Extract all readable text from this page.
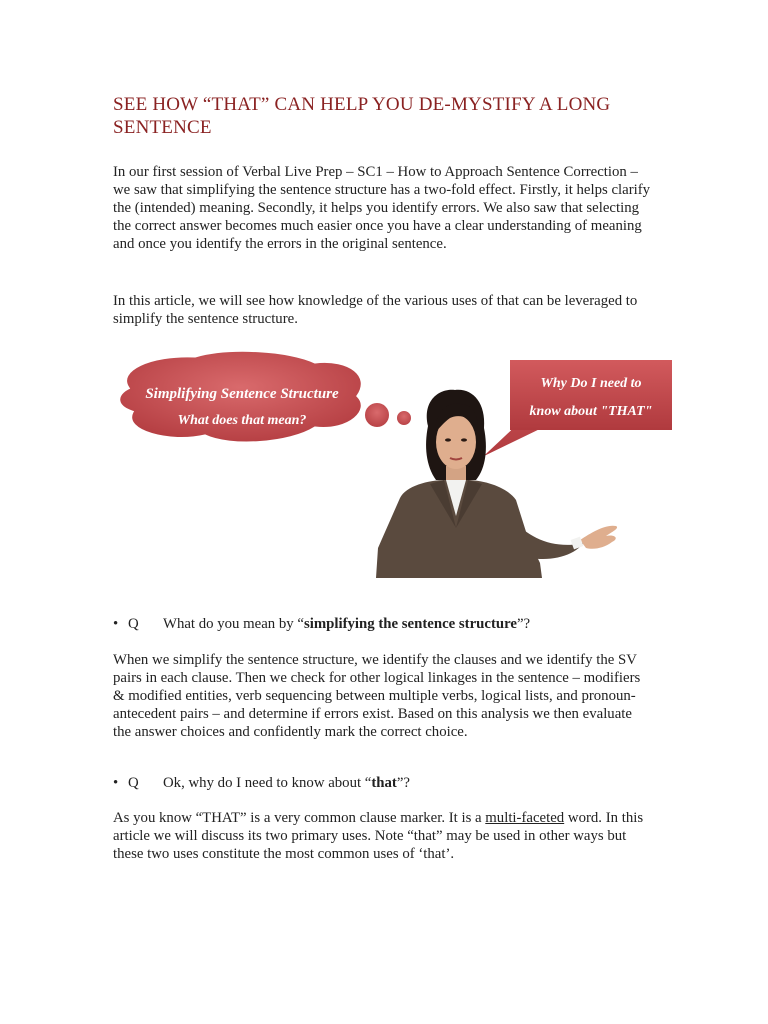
SEE HOW “THAT” CAN HELP YOU DE-MYSTIFY A LONG SENTENCE

In our first session of Verbal Live Prep – SC1 – How to Approach Sentence Correction – we saw that simplifying the sentence structure has a two-fold effect. Firstly, it helps clarify the (intended) meaning. Secondly, it helps you identify errors. We also saw that selecting the correct answer becomes much easier once you have a clear understanding of meaning and once you identify the errors in the original sentence.

In this article, we will see how knowledge of the various uses of that can be leveraged to simplify the sentence structure.

Simplifying Sentence Structure
What does that mean?
Why Do I need to
know about "THAT"
• Q What do you mean by “simplifying the sentence structure”?

When we simplify the sentence structure, we identify the clauses and we identify the SV pairs in each clause. Then we check for other logical linkages in the sentence – modifiers & modified entities, verb sequencing between multiple verbs, logical lists, and pronoun-antecedent pairs – and determine if errors exist. Based on this analysis we then evaluate the answer choices and confidently mark the correct choice.

• Q Ok, why do I need to know about “that”?

As you know “THAT” is a very common clause marker. It is a multi-faceted word. In this article we will discuss its two primary uses. Note “that” may be used in other ways but these two uses constitute the most common uses of ‘that’.
